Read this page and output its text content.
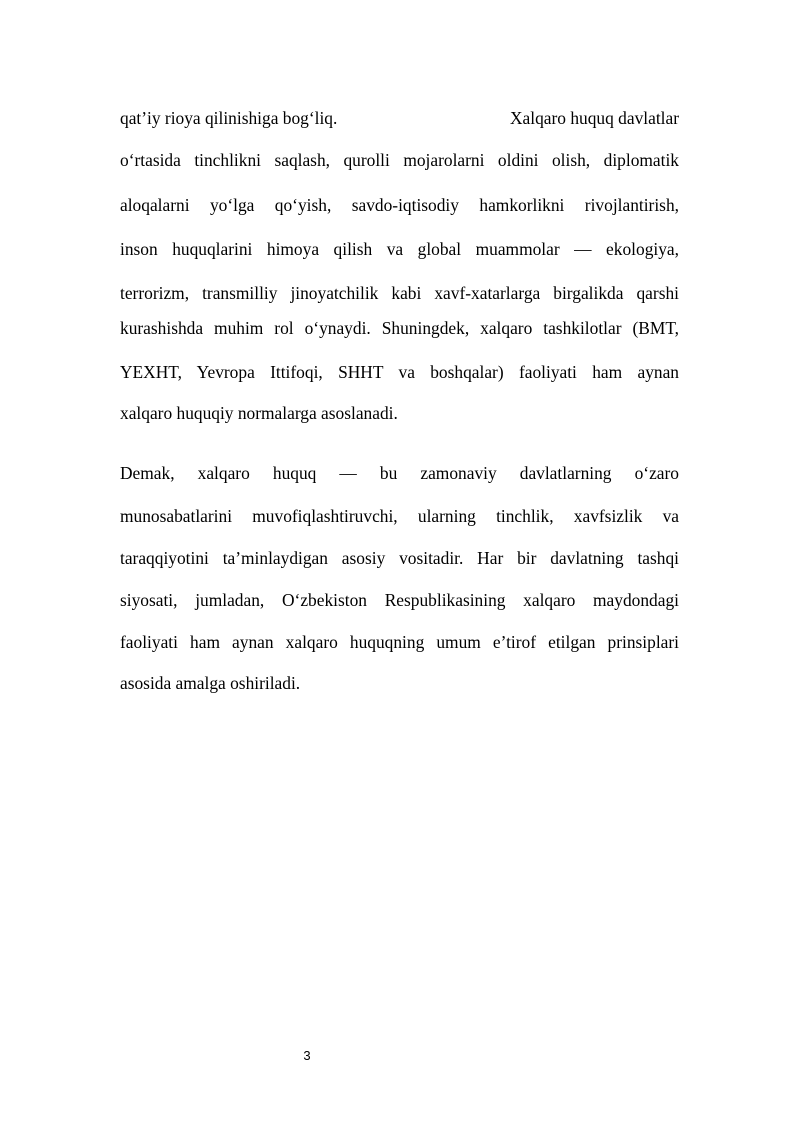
qat’iy rioya qilinishiga bog‘liq.	Xalqaro huquq davlatlar
o‘rtasida tinchlikni saqlash, qurolli mojarolarni oldini olish, diplomatik
aloqalarni yo‘lga qo‘yish, savdo-iqtisodiy hamkorlikni rivojlantirish,
inson huquqlarini himoya qilish va global muammolar — ekologiya,
terrorizm, transmilliy jinoyatchilik kabi xavf-xatarlarga birgalikda qarshi
kurashishda muhim rol o‘ynaydi. Shuningdek, xalqaro tashkilotlar (BMT,
YEXHT, Yevropa Ittifoqi, SHHT va boshqalar) faoliyati ham aynan
xalqaro huquqiy normalarga asoslanadi.
Demak, xalqaro huquq — bu zamonaviy davlatlarning o‘zaro
munosabatlarini muvofiqlashtiruvchi, ularning tinchlik, xavfsizlik va
taraqqiyotini ta’minlaydigan asosiy vositadir. Har bir davlatning tashqi
siyosati, jumladan, O‘zbekiston Respublikasining xalqaro maydondagi
faoliyati ham aynan xalqaro huquqning umum e’tirof etilgan prinsiplari
asosida amalga oshiriladi.
3
